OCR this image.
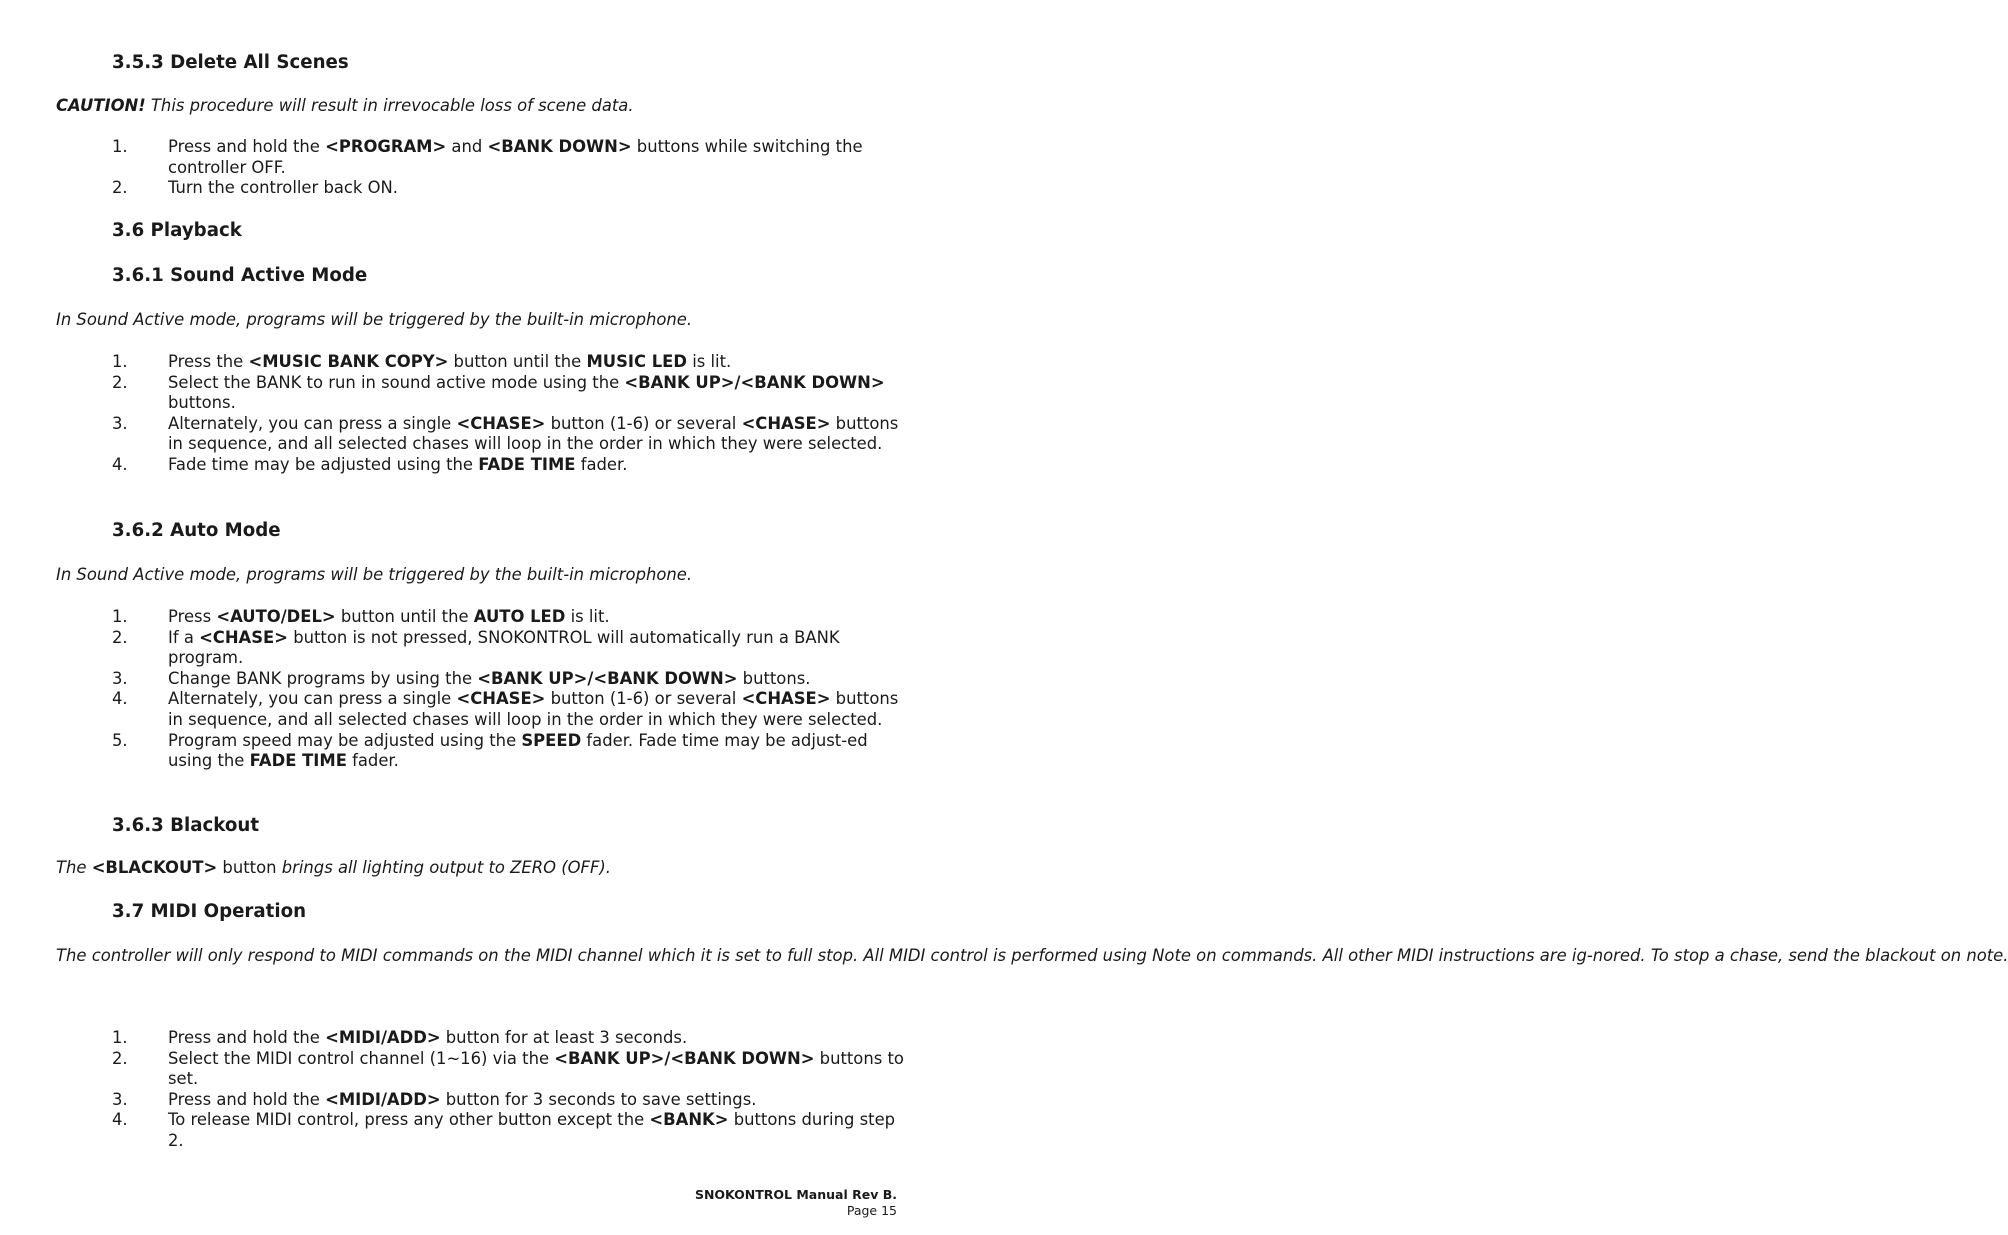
3.5.3 Delete All Scenes

CAUTION! This procedure will result in irrevocable loss of scene data.

1. Press and hold the <PROGRAM> and <BANK DOWN> buttons while switching the controller OFF.
2. Turn the controller back ON.
3.6 Playback
3.6.1 Sound Active Mode

In Sound Active mode, programs will be triggered by the built-in microphone.

1. Press the <MUSIC BANK COPY> button until the MUSIC LED is lit.
2. Select the BANK to run in sound active mode using the <BANK UP>/<BANK DOWN> buttons.
3. Alternately, you can press a single <CHASE> button (1-6) or several <CHASE> buttons in sequence, and all selected chases will loop in the order in which they were selected.
4. Fade time may be adjusted using the FADE TIME fader.
3.6.2 Auto Mode

In Sound Active mode, programs will be triggered by the built-in microphone.

1. Press <AUTO/DEL> button until the AUTO LED is lit.
2. If a <CHASE> button is not pressed, SNOKONTROL will automatically run a BANK program.
3. Change BANK programs by using the <BANK UP>/<BANK DOWN> buttons.
4. Alternately, you can press a single <CHASE> button (1-6) or several <CHASE> buttons in sequence, and all selected chases will loop in the order in which they were selected.
5. Program speed may be adjusted using the SPEED fader. Fade time may be adjust-ed using the FADE TIME fader.
3.6.3 Blackout

The <BLACKOUT> button brings all lighting output to ZERO (OFF).

3.7 MIDI Operation

The controller will only respond to MIDI commands on the MIDI channel which it is set to full stop. All MIDI control is performed using Note on commands. All other MIDI instructions are ig-nored. To stop a chase, send the blackout on note.

1. Press and hold the <MIDI/ADD> button for at least 3 seconds.
2. Select the MIDI control channel (1~16) via the <BANK UP>/<BANK DOWN> buttons to set.
3. Press and hold the <MIDI/ADD> button for 3 seconds to save settings.
4. To release MIDI control, press any other button except the <BANK> buttons during step 2.
SNOKONTROL Manual Rev B.
Page 15
